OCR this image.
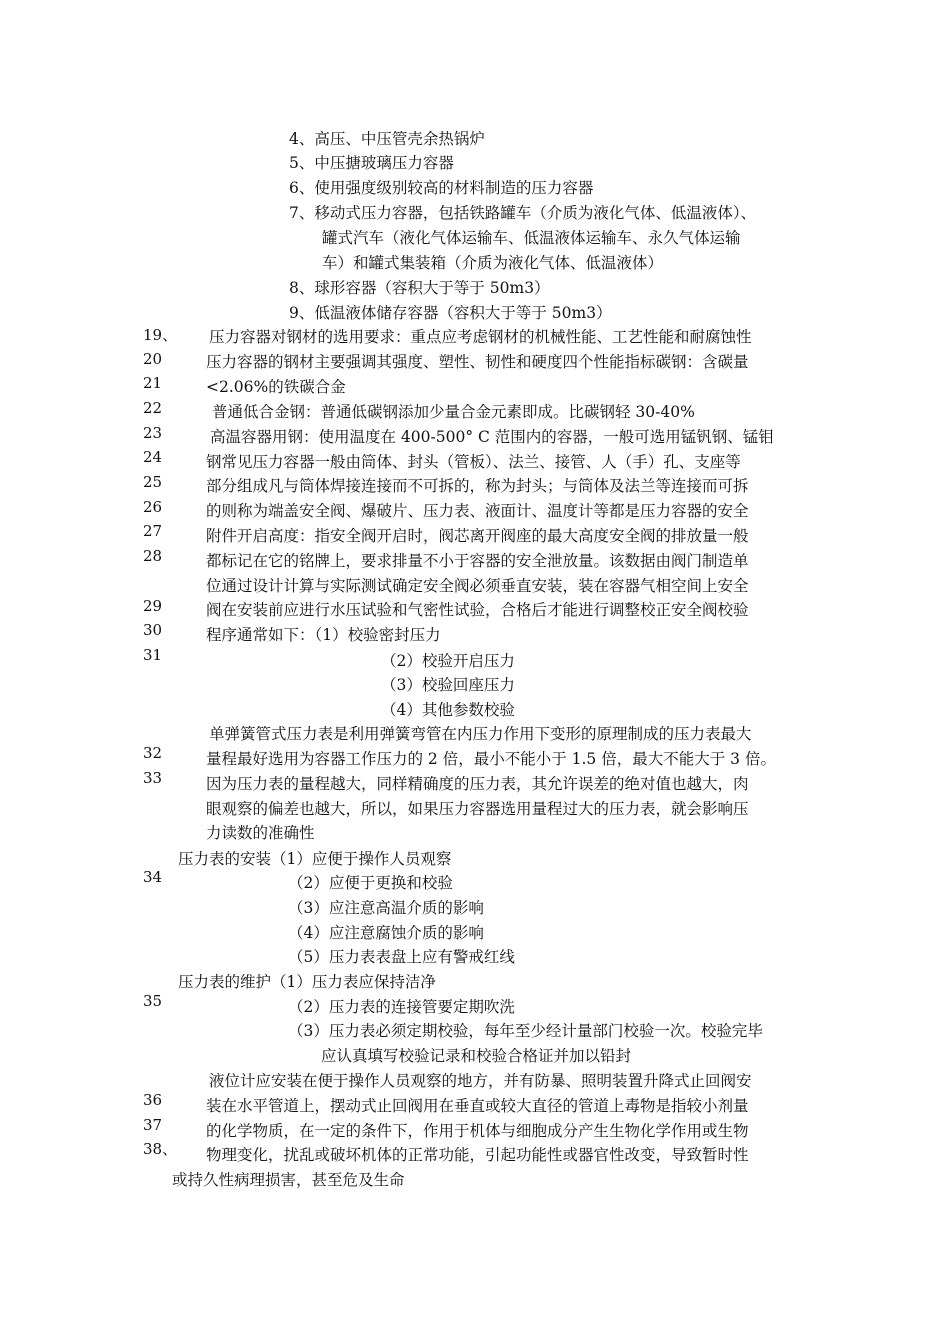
4、高压、中压管壳余热锅炉
5、中压搪玻璃压力容器
6、使用强度级别较高的材料制造的压力容器
7、移动式压力容器，包括铁路罐车（介质为液化气体、低温液体）、
罐式汽车（液化气体运输车、低温液体运输车、永久气体运输
车）和罐式集装箱（介质为液化气体、低温液体）
8、球形容器（容积大于等于 50m3）
9、低温液体储存容器（容积大于等于 50m3）
19、
20
21
22
23
24
25
26
27
28
29
30
31
32
33
34
35
36
37
38、
压力容器对钢材的选用要求：重点应考虑钢材的机械性能、工艺性能和耐腐蚀性
压力容器的钢材主要强调其强度、塑性、韧性和硬度四个性能指标碳钢：含碳量
<2.06%的铁碳合金
普通低合金钢：普通低碳钢添加少量合金元素即成。比碳钢轻 30-40%
高温容器用钢：使用温度在 400-500° C 范围内的容器，一般可选用锰钒钢、锰钼
钢常见压力容器一般由筒体、封头（管板）、法兰、接管、人（手）孔、支座等
部分组成凡与筒体焊接连接而不可拆的，称为封头；与筒体及法兰等连接而可拆
的则称为端盖安全阀、爆破片、压力表、液面计、温度计等都是压力容器的安全
附件开启高度：指安全阀开启时，阀芯离开阀座的最大高度安全阀的排放量一般
都标记在它的铭牌上，要求排量不小于容器的安全泄放量。该数据由阀门制造单
位通过设计计算与实际测试确定安全阀必须垂直安装，装在容器气相空间上安全
阀在安装前应进行水压试验和气密性试验，合格后才能进行调整校正安全阀校验
程序通常如下：（1）校验密封压力
（2）校验开启压力
（3）校验回座压力
（4）其他参数校验
单弹簧管式压力表是利用弹簧弯管在内压力作用下变形的原理制成的压力表最大
量程最好选用为容器工作压力的 2 倍，最小不能小于 1.5 倍，最大不能大于 3 倍。
因为压力表的量程越大，同样精确度的压力表，其允许误差的绝对值也越大，肉
眼观察的偏差也越大，所以，如果压力容器选用量程过大的压力表，就会影响压
力读数的准确性
压力表的安装（1）应便于操作人员观察
（2）应便于更换和校验
（3）应注意高温介质的影响
（4）应注意腐蚀介质的影响
（5）压力表表盘上应有警戒红线
压力表的维护（1）压力表应保持洁净
（2）压力表的连接管要定期吹洗
（3）压力表必须定期校验，每年至少经计量部门校验一次。校验完毕
应认真填写校验记录和校验合格证并加以铅封
液位计应安装在便于操作人员观察的地方，并有防暴、照明装置升降式止回阀安
装在水平管道上，摆动式止回阀用在垂直或较大直径的管道上毒物是指较小剂量
的化学物质，在一定的条件下，作用于机体与细胞成分产生生物化学作用或生物
物理变化，扰乱或破坏机体的正常功能，引起功能性或器官性改变，导致暂时性
或持久性病理损害，甚至危及生命
